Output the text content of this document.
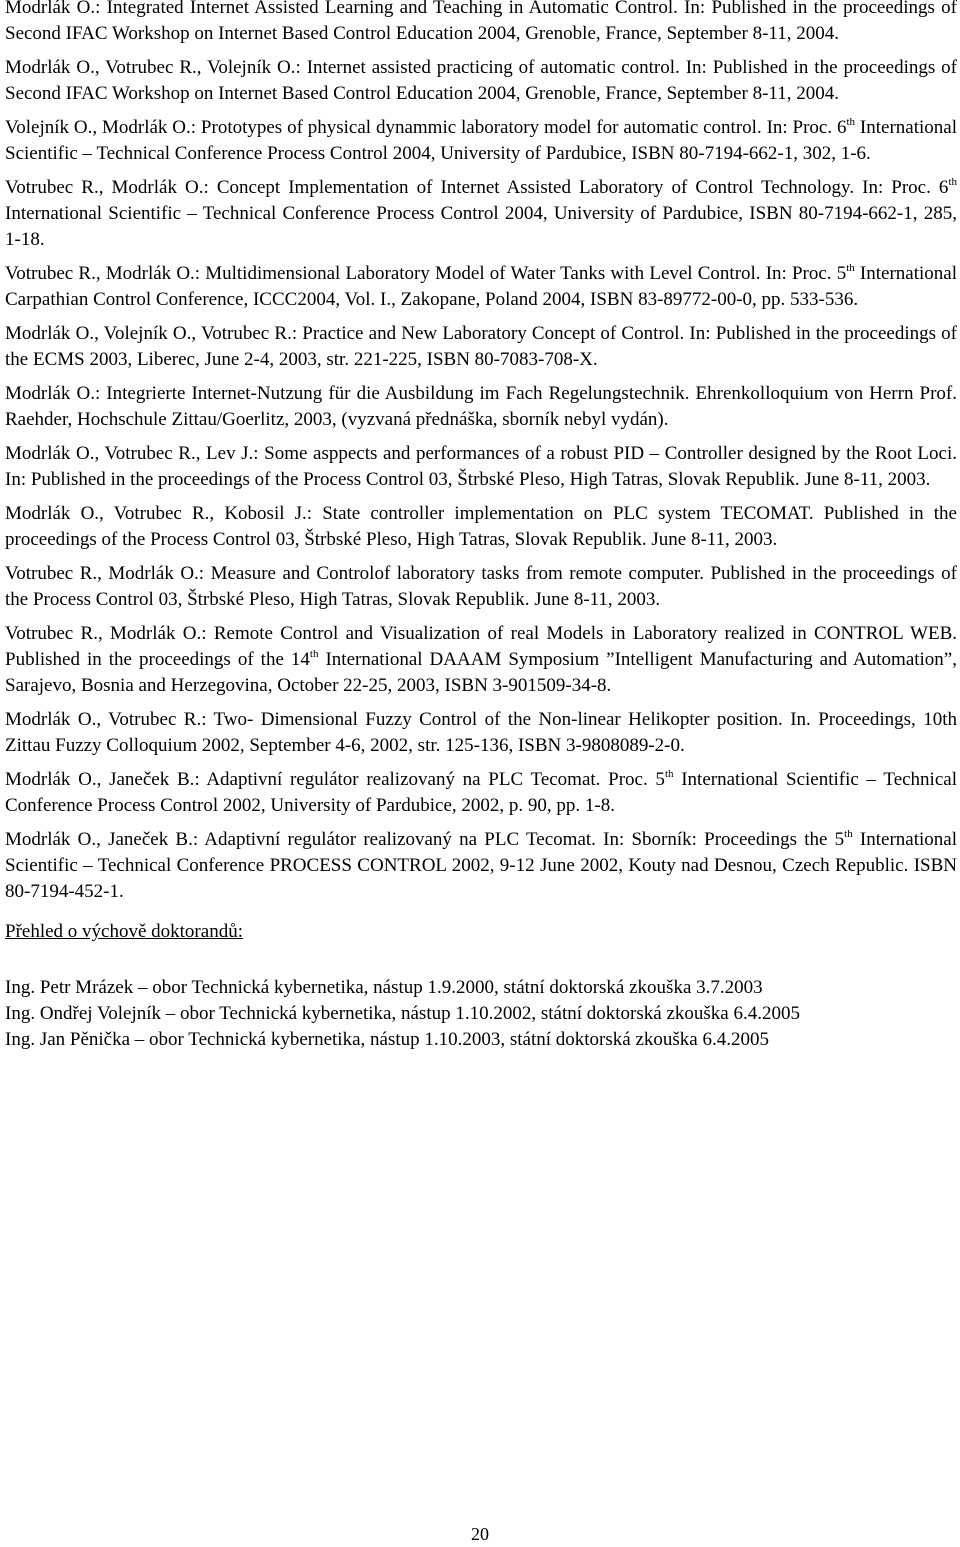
Modrlák O.: Integrated Internet Assisted Learning and Teaching in Automatic Control. In: Published in the proceedings of Second IFAC Workshop on Internet Based Control Education 2004, Grenoble, France, September 8-11, 2004.

Modrlák O., Votrubec R., Volejník O.: Internet assisted practicing of automatic control. In: Published in the proceedings of Second IFAC Workshop on Internet Based Control Education 2004, Grenoble, France, September 8-11, 2004.

Volejník O., Modrlák O.: Prototypes of physical dynammic laboratory model for automatic control. In: Proc. 6th International Scientific – Technical Conference Process Control 2004, University of Pardubice, ISBN 80-7194-662-1, 302, 1-6.

Votrubec R., Modrlák O.: Concept Implementation of Internet Assisted Laboratory of Control Technology. In: Proc. 6th International Scientific – Technical Conference Process Control 2004, University of Pardubice, ISBN 80-7194-662-1, 285, 1-18.

Votrubec R., Modrlák O.: Multidimensional Laboratory Model of Water Tanks with Level Control. In: Proc. 5th International Carpathian Control Conference, ICCC2004, Vol. I., Zakopane, Poland 2004, ISBN 83-89772-00-0, pp. 533-536.

Modrlák O., Volejník O., Votrubec R.: Practice and New Laboratory Concept of Control. In: Published in the proceedings of the ECMS 2003, Liberec, June 2-4, 2003, str. 221-225, ISBN 80-7083-708-X.

Modrlák O.: Integrierte Internet-Nutzung für die Ausbildung im Fach Regelungstechnik. Ehrenkolloquium von Herrn Prof. Raehder, Hochschule Zittau/Goerlitz, 2003, (vyzvaná přednáška, sborník nebyl vydán).

Modrlák O., Votrubec R., Lev J.: Some asppects and performances of a robust PID – Controller designed by the Root Loci. In: Published in the proceedings of the Process Control 03, Štrbské Pleso, High Tatras, Slovak Republik. June 8-11, 2003.

Modrlák O., Votrubec R., Kobosil J.: State controller implementation on PLC system TECOMAT. Published in the proceedings of the Process Control 03, Štrbské Pleso, High Tatras, Slovak Republik. June 8-11, 2003.

Votrubec R., Modrlák O.: Measure and Controlof laboratory tasks from remote computer. Published in the proceedings of the Process Control 03, Štrbské Pleso, High Tatras, Slovak Republik. June 8-11, 2003.

Votrubec R., Modrlák O.: Remote Control and Visualization of real Models in Laboratory realized in CONTROL WEB. Published in the proceedings of the 14th International DAAAM Symposium ”Intelligent Manufacturing and Automation”, Sarajevo, Bosnia and Herzegovina, October 22-25, 2003, ISBN 3-901509-34-8.

Modrlák O., Votrubec R.: Two- Dimensional Fuzzy Control of the Non-linear Helikopter position. In. Proceedings, 10th Zittau Fuzzy Colloquium 2002, September 4-6, 2002, str. 125-136, ISBN 3-9808089-2-0.

Modrlák O., Janeček B.: Adaptivní regulátor realizovaný na PLC Tecomat. Proc. 5th International Scientific – Technical Conference Process Control 2002, University of Pardubice, 2002, p. 90, pp. 1-8.

Modrlák O., Janeček B.: Adaptivní regulátor realizovaný na PLC Tecomat. In: Sborník: Proceedings the 5th International Scientific – Technical Conference PROCESS CONTROL 2002, 9-12 June 2002, Kouty nad Desnou, Czech Republic. ISBN 80-7194-452-1.

Přehled o výchově doktorandů:
Ing. Petr Mrázek – obor Technická kybernetika, nástup 1.9.2000, státní doktorská zkouška 3.7.2003
Ing. Ondřej Volejník – obor Technická kybernetika, nástup 1.10.2002, státní doktorská zkouška 6.4.2005
Ing. Jan Pěnička – obor Technická kybernetika, nástup 1.10.2003, státní doktorská zkouška 6.4.2005
20
